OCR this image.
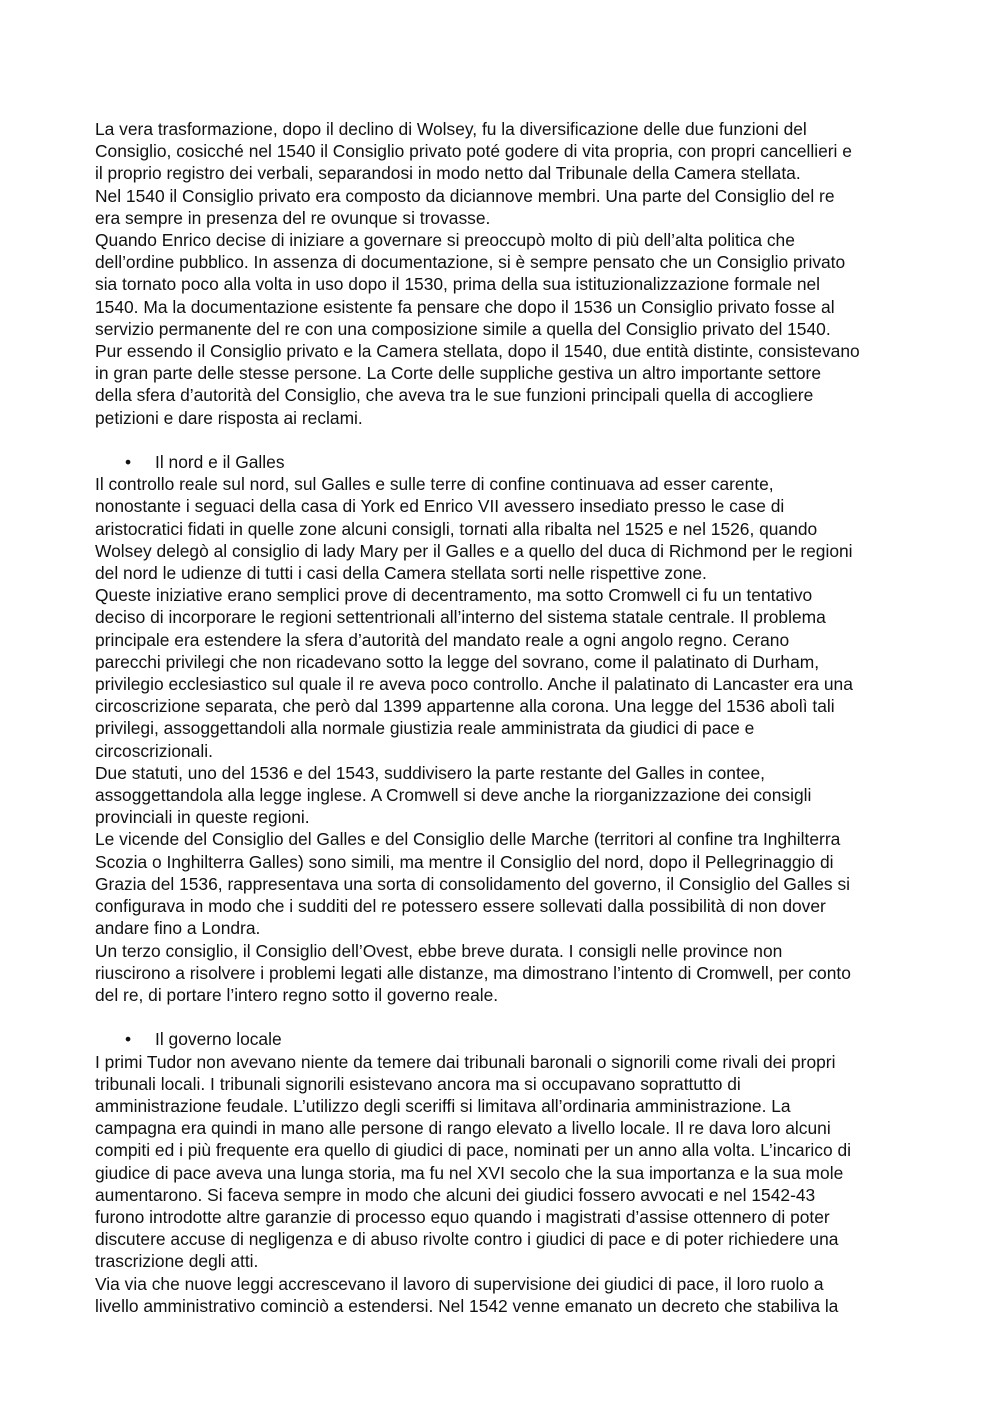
La vera trasformazione, dopo il declino di Wolsey, fu la diversificazione delle due funzioni del
Consiglio, cosicché nel 1540 il Consiglio privato poté godere di vita propria, con propri cancellieri e
il proprio registro dei verbali, separandosi in modo netto dal Tribunale della Camera stellata.

Nel 1540 il Consiglio privato era composto da diciannove membri. Una parte del Consiglio del re
era sempre in presenza del re ovunque si trovasse.

Quando Enrico decise di iniziare a governare si preoccupò molto di più dell’alta politica che
dell’ordine pubblico. In assenza di documentazione, si è sempre pensato che un Consiglio privato
sia tornato poco alla volta in uso dopo il 1530, prima della sua istituzionalizzazione formale nel
1540. Ma la documentazione esistente fa pensare che dopo il 1536 un Consiglio privato fosse al
servizio permanente del re con una composizione simile a quella del Consiglio privato del 1540.

Pur essendo il Consiglio privato e la Camera stellata, dopo il 1540, due entità distinte, consistevano
in gran parte delle stesse persone. La Corte delle suppliche gestiva un altro importante settore
della sfera d’autorità del Consiglio, che aveva tra le sue funzioni principali quella di accogliere
petizioni e dare risposta ai reclami.

•	Il nord e il Galles

Il controllo reale sul nord, sul Galles e sulle terre di confine continuava ad esser carente,
nonostante i seguaci della casa di York ed Enrico VII avessero insediato presso le case di
aristocratici fidati in quelle zone alcuni consigli, tornati alla ribalta nel 1525 e nel 1526, quando
Wolsey delegò al consiglio di lady Mary per il Galles e a quello del duca di Richmond per le regioni
del nord le udienze di tutti i casi della Camera stellata sorti nelle rispettive zone.

Queste iniziative erano semplici prove di decentramento, ma sotto Cromwell ci fu un tentativo
deciso di incorporare le regioni settentrionali all’interno del sistema statale centrale. Il problema
principale era estendere la sfera d’autorità del mandato reale a ogni angolo regno. Cerano
parecchi privilegi che non ricadevano sotto la legge del sovrano, come il palatinato di Durham,
privilegio ecclesiastico sul quale il re aveva poco controllo. Anche il palatinato di Lancaster era una
circoscrizione separata, che però dal 1399 appartenne alla corona. Una legge del 1536 abolì tali
privilegi, assoggettandoli alla normale giustizia reale amministrata da giudici di pace e
circoscrizionali.

Due statuti, uno del 1536 e del 1543, suddivisero la parte restante del Galles in contee,
assoggettandola alla legge inglese. A Cromwell si deve anche la riorganizzazione dei consigli
provinciali in queste regioni.

Le vicende del Consiglio del Galles e del Consiglio delle Marche (territori al confine tra Inghilterra
Scozia o Inghilterra Galles) sono simili, ma mentre il Consiglio del nord, dopo il Pellegrinaggio di
Grazia del 1536, rappresentava una sorta di consolidamento del governo, il Consiglio del Galles si
configurava in modo che i sudditi del re potessero essere sollevati dalla possibilità di non dover
andare fino a Londra.

Un terzo consiglio, il Consiglio dell’Ovest, ebbe breve durata. I consigli nelle province non
riuscirono a risolvere i problemi legati alle distanze, ma dimostrano l’intento di Cromwell, per conto
del re, di portare l’intero regno sotto il governo reale.

•	Il governo locale

I primi Tudor non avevano niente da temere dai tribunali baronali o signorili come rivali dei propri
tribunali locali. I tribunali signorili esistevano ancora ma si occupavano soprattutto di
amministrazione feudale. L’utilizzo degli sceriffi si limitava all’ordinaria amministrazione. La
campagna era quindi in mano alle persone di rango elevato a livello locale. Il re dava loro alcuni
compiti ed i più frequente era quello di giudici di pace, nominati per un anno alla volta. L’incarico di
giudice di pace aveva una lunga storia, ma fu nel XVI secolo che la sua importanza e la sua mole
aumentarono. Si faceva sempre in modo che alcuni dei giudici fossero avvocati e nel 1542-43
furono introdotte altre garanzie di processo equo quando i magistrati d’assise ottennero di poter
discutere accuse di negligenza e di abuso rivolte contro i giudici di pace e di poter richiedere una
trascrizione degli atti.

Via via che nuove leggi accrescevano il lavoro di supervisione dei giudici di pace, il loro ruolo a
livello amministrativo cominciò a estendersi. Nel 1542 venne emanato un decreto che stabiliva la
